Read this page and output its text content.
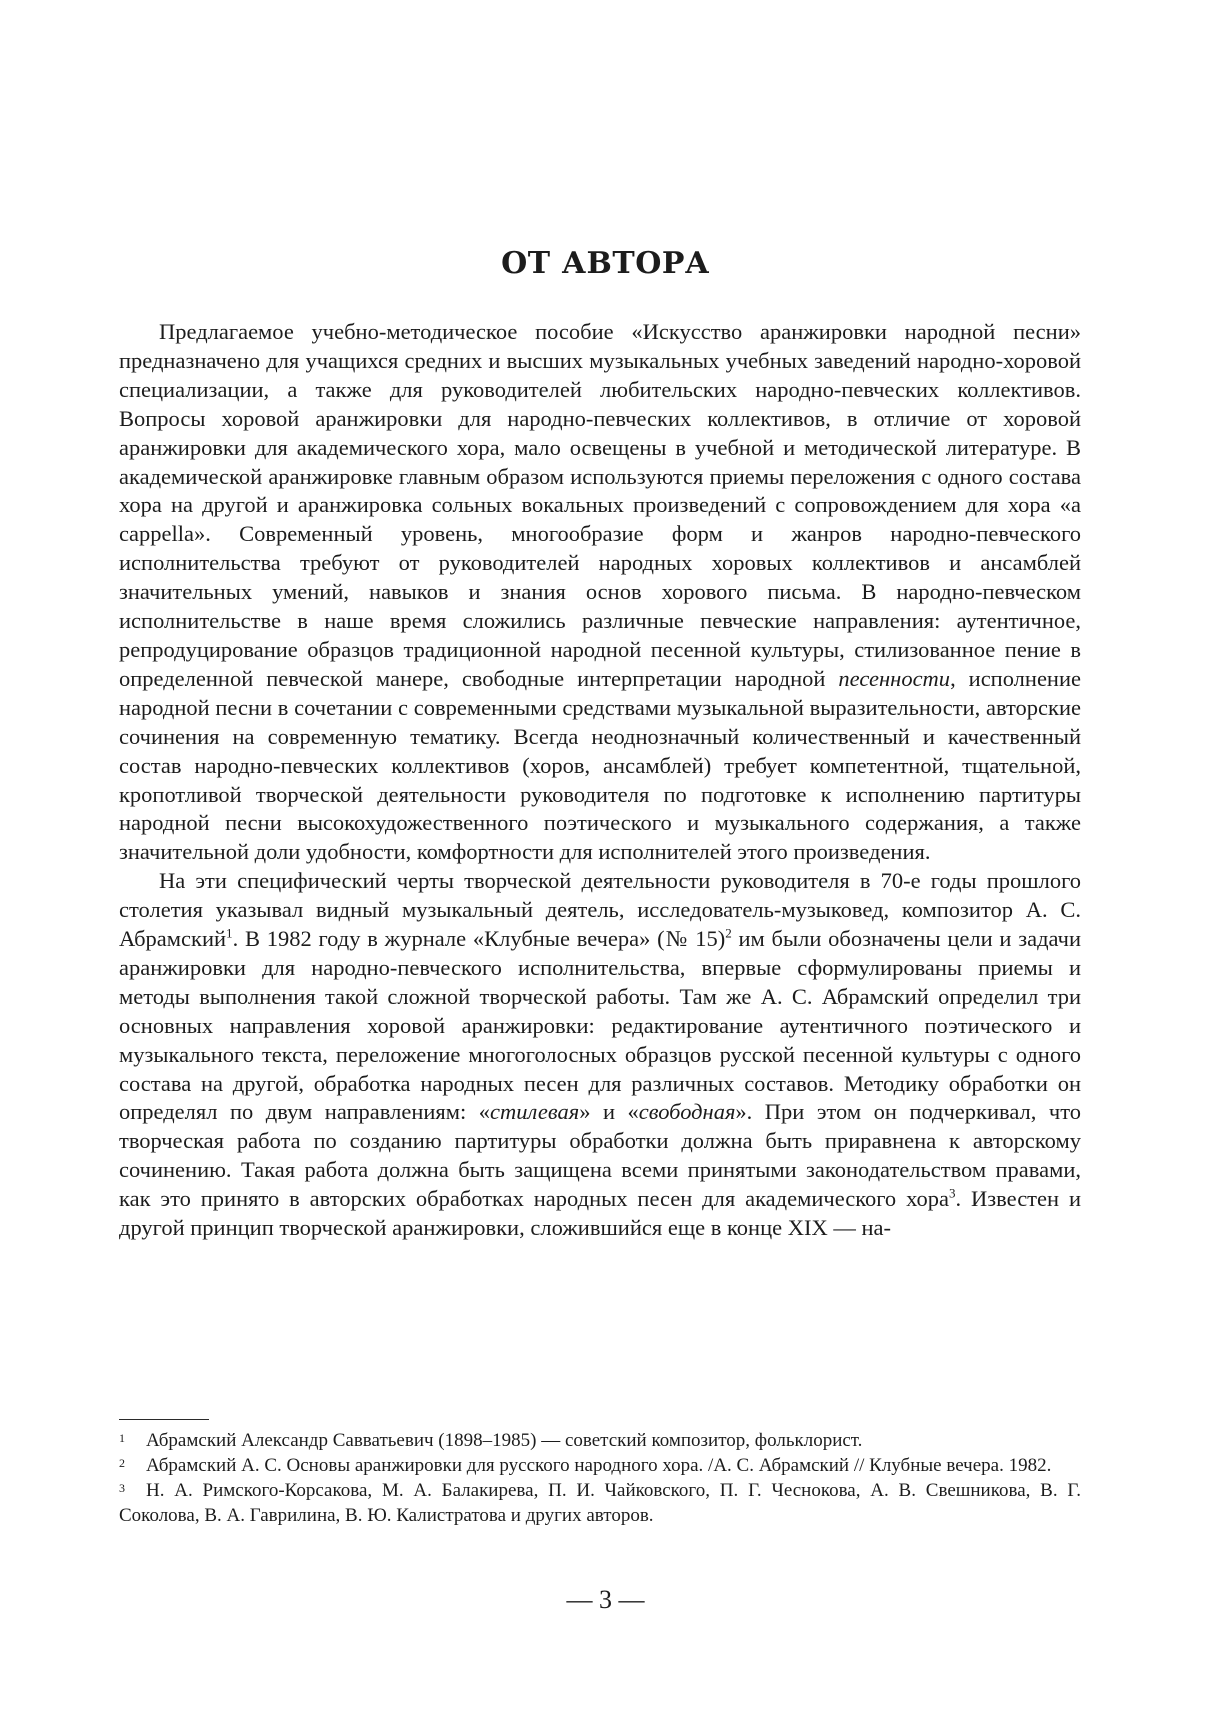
ОТ АВТОРА

Предлагаемое учебно-методическое пособие «Искусство аранжировки народной песни» предназначено для учащихся средних и высших музыкальных учебных заведений народно-хоровой специализации, а также для руководителей любительских народно-певческих коллективов. Вопросы хоровой аранжировки для народно-певческих коллективов, в отличие от хоровой аранжировки для академического хора, мало освещены в учебной и методической литературе. В академической аранжировке главным образом используются приемы переложения с одного состава хора на другой и аранжировка сольных вокальных произведений с сопровождением для хора «a cappella». Современный уровень, многообразие форм и жанров народно-певческого исполнительства требуют от руководителей народных хоровых коллективов и ансамблей значительных умений, навыков и знания основ хорового письма. В народно-певческом исполнительстве в наше время сложились различные певческие направления: аутентичное, репродуцирование образцов традиционной народной песенной культуры, стилизованное пение в определенной певческой манере, свободные интерпретации народной песенности, исполнение народной песни в сочетании с современными средствами музыкальной выразительности, авторские сочинения на современную тематику. Всегда неоднозначный количественный и качественный состав народно-певческих коллективов (хоров, ансамблей) требует компетентной, тщательной, кропотливой творческой деятельности руководителя по подготовке к исполнению партитуры народной песни высокохудожественного поэтического и музыкального содержания, а также значительной доли удобности, комфортности для исполнителей этого произведения.

На эти специфический черты творческой деятельности руководителя в 70-е годы прошлого столетия указывал видный музыкальный деятель, исследователь-музыковед, композитор А. С. Абрамский$^1$. В 1982 году в журнале «Клубные вечера» (№ 15)$^2$ им были обозначены цели и задачи аранжировки для народно-певческого исполнительства, впервые сформулированы приемы и методы выполнения такой сложной творческой работы. Там же А. С. Абрамский определил три основных направления хоровой аранжировки: редактирование аутентичного поэтического и музыкального текста, переложение многоголосных образцов русской песенной культуры с одного состава на другой, обработка народных песен для различных составов. Методику обработки он определял по двум направлениям: «стилевая» и «свободная». При этом он подчеркивал, что творческая работа по созданию партитуры обработки должна быть приравнена к авторскому сочинению. Такая работа должна быть защищена всеми принятыми законодательством правами, как это принято в авторских обработках народных песен для академического хора$^3$. Известен и другой принцип творческой аранжировки, сложившийся еще в конце XIX — на-

1 Абрамский Александр Савватьевич (1898–1985) — советский композитор, фольклорист.

2 Абрамский А. С. Основы аранжировки для русского народного хора. /А. С. Абрамский // Клубные вечера. 1982.

3 Н. А. Римского-Корсакова, М. А. Балакирева, П. И. Чайковского, П. Г. Чеснокова, А. В. Свешникова, В. Г. Соколова, В. А. Гаврилина, В. Ю. Калистратова и других авторов.

— 3 —
